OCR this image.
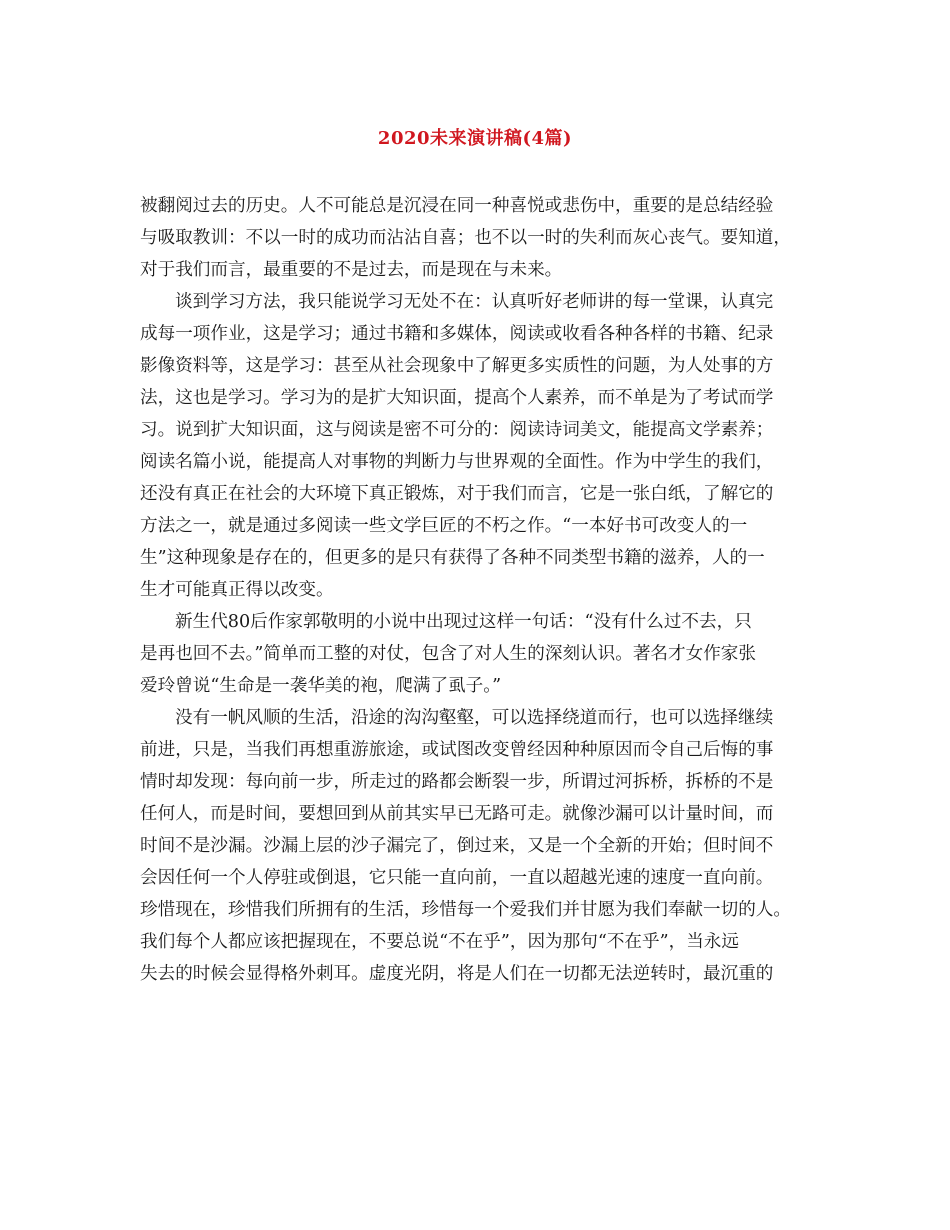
2020未来演讲稿(4篇)
被翻阅过去的历史。人不可能总是沉浸在同一种喜悦或悲伤中，重要的是总结经验
与吸取教训：不以一时的成功而沾沾自喜；也不以一时的失利而灰心丧气。要知道，
对于我们而言，最重要的不是过去，而是现在与未来。
谈到学习方法，我只能说学习无处不在：认真听好老师讲的每一堂课，认真完
成每一项作业，这是学习；通过书籍和多媒体，阅读或收看各种各样的书籍、纪录
影像资料等，这是学习：甚至从社会现象中了解更多实质性的问题，为人处事的方
法，这也是学习。学习为的是扩大知识面，提高个人素养，而不单是为了考试而学
习。说到扩大知识面，这与阅读是密不可分的：阅读诗词美文，能提高文学素养；
阅读名篇小说，能提高人对事物的判断力与世界观的全面性。作为中学生的我们，
还没有真正在社会的大环境下真正锻炼，对于我们而言，它是一张白纸，了解它的
方法之一，就是通过多阅读一些文学巨匠的不朽之作。“一本好书可改变人的一
生”这种现象是存在的，但更多的是只有获得了各种不同类型书籍的滋养，人的一
生才可能真正得以改变。
新生代80后作家郭敬明的小说中出现过这样一句话：“没有什么过不去，只
是再也回不去。”简单而工整的对仗，包含了对人生的深刻认识。著名才女作家张
爱玲曾说“生命是一袭华美的袍，爬满了虱子。”
没有一帆风顺的生活，沿途的沟沟壑壑，可以选择绕道而行，也可以选择继续
前进，只是，当我们再想重游旅途，或试图改变曾经因种种原因而令自己后悔的事
情时却发现：每向前一步，所走过的路都会断裂一步，所谓过河拆桥，拆桥的不是
任何人，而是时间，要想回到从前其实早已无路可走。就像沙漏可以计量时间，而
时间不是沙漏。沙漏上层的沙子漏完了，倒过来，又是一个全新的开始；但时间不
会因任何一个人停驻或倒退，它只能一直向前，一直以超越光速的速度一直向前。
珍惜现在，珍惜我们所拥有的生活，珍惜每一个爱我们并甘愿为我们奉献一切的人。
我们每个人都应该把握现在，不要总说“不在乎”，因为那句“不在乎”，当永远
失去的时候会显得格外刺耳。虚度光阴，将是人们在一切都无法逆转时，最沉重的
